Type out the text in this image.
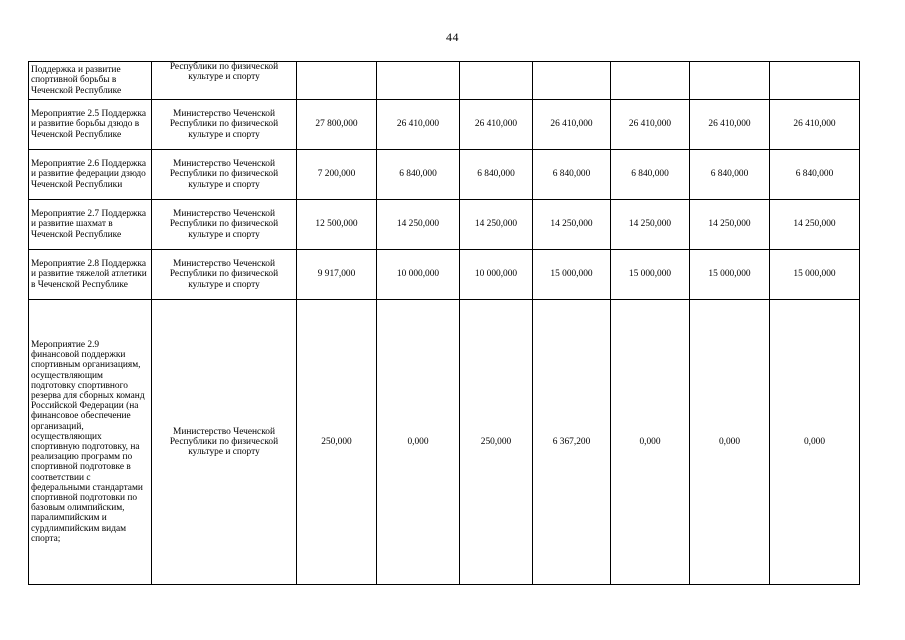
44
Поддержка и развитие спортивной борьбы в Чеченской Республике	Республики по физической культуре и спорту							
Мероприятие 2.5 Поддержка и развитие борьбы дзюдо в Чеченской Республике	Министерство Чеченской Республики по физической культуре и спорту	27 800,000	26 410,000	26 410,000	26 410,000	26 410,000	26 410,000	26 410,000
Мероприятие 2.6 Поддержка и развитие федерации дзюдо Чеченской Республики	Министерство Чеченской Республики по физической культуре и спорту	7 200,000	6 840,000	6 840,000	6 840,000	6 840,000	6 840,000	6 840,000
Мероприятие 2.7 Поддержка и развитие шахмат в Чеченской Республике	Министерство Чеченской Республики по физической культуре и спорту	12 500,000	14 250,000	14 250,000	14 250,000	14 250,000	14 250,000	14 250,000
Мероприятие 2.8 Поддержка и развитие тяжелой атлетики в Чеченской Республике	Министерство Чеченской Республики по физической культуре и спорту	9 917,000	10 000,000	10 000,000	15 000,000	15 000,000	15 000,000	15 000,000
Мероприятие 2.9 финансовой поддержки спортивным организациям, осуществляющим подготовку спортивного резерва для сборных команд Российской Федерации (на финансовое обеспечение организаций, осуществляющих спортивную подготовку, на реализацию программ по спортивной подготовке в соответствии с федеральными стандартами спортивной подготовки по базовым олимпийским, паралимпийским и сурдлимпийским видам спорта;	Министерство Чеченской Республики по физической культуре и спорту	250,000	0,000	250,000	6 367,200	0,000	0,000	0,000
